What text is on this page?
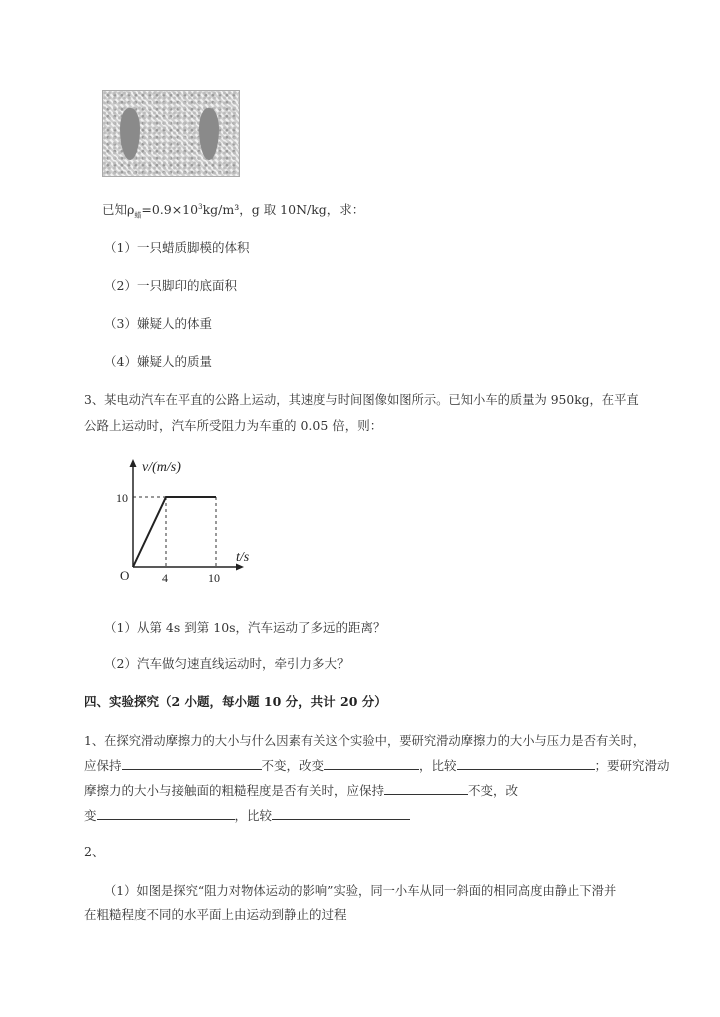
已知$\rho_蜡=0.9\times 10^3kg/m^3$，g 取 10N/kg，求：
（1）一只蜡质脚模的体积
（2）一只脚印的底面积
（3）嫌疑人的体重
（4）嫌疑人的质量
3、某电动汽车在平直的公路上运动，其速度与时间图像如图所示。已知小车的质量为 950kg，在平直
公路上运动时，汽车所受阻力为车重的 0.05 倍，则：
ν/(m/s)
10
O	4	10
t/s
（1）从第 4s 到第 10s，汽车运动了多远的距离？
（2）汽车做匀速直线运动时，牵引力多大？
四、实验探究（2 小题，每小题 10 分，共计 20 分）
1、在探究滑动摩擦力的大小与什么因素有关这个实验中，要研究滑动摩擦力的大小与压力是否有关时，
应保持	不变，改变	，比较	；要研究滑动
摩擦力的大小与接触面的粗糙程度是否有关时，应保持	不变，改
变	，比较
2、
（1）如图是探究“阻力对物体运动的影响”实验，同一小车从同一斜面的相同高度由静止下滑并
在粗糙程度不同的水平面上由运动到静止的过程
